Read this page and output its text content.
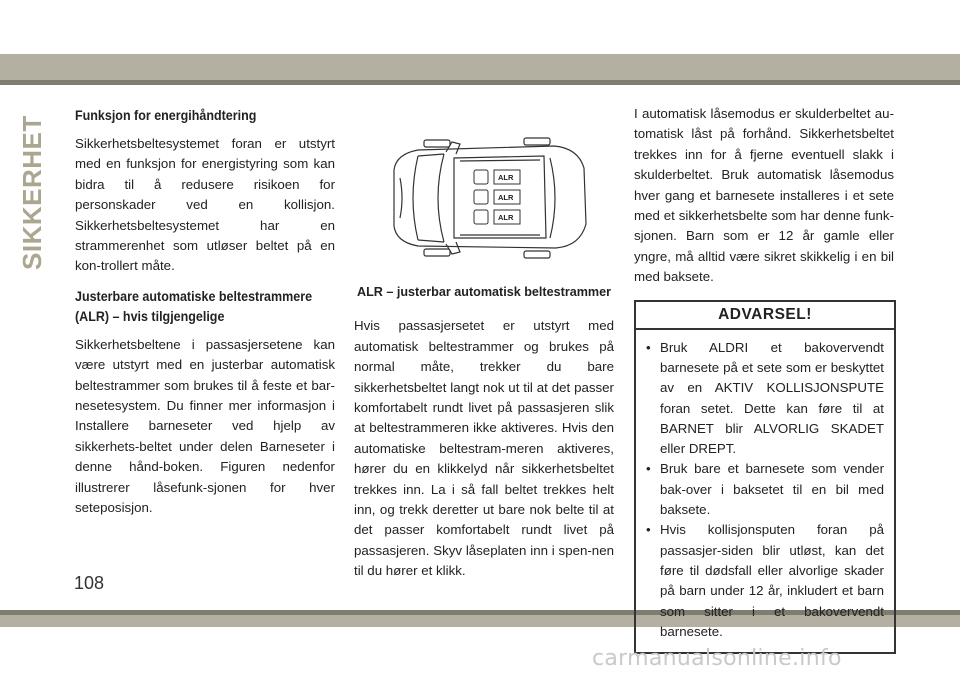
SIKKERHET Funksjon for energihåndtering

Sikkerhetsbeltesystemet foran er utstyrt med en funksjon for energistyring som kan bidra til å redusere risikoen for personskader ved en kollisjon. Sikkerhetsbeltesystemet har en strammerenhet som utløser beltet på en kon-trollert måte.

Justerbare automatiske beltestrammere (ALR) – hvis tilgjengelige

Sikkerhetsbeltene i passasjersetene kan være utstyrt med en justerbar automatisk beltestrammer som brukes til å feste et bar-nesetesystem. Du finner mer informasjon i Installere barneseter ved hjelp av sikkerhets-beltet under delen Barneseter i denne hånd-boken. Figuren nedenfor illustrerer låsefunk-sjonen for hver seteposisjon.

ALR
ALR
ALR
ALR – justerbar automatisk beltestrammer

Hvis passasjersetet er utstyrt med automatisk beltestrammer og brukes på normal måte, trekker du bare sikkerhetsbeltet langt nok ut til at det passer komfortabelt rundt livet på passasjeren slik at beltestrammeren ikke aktiveres. Hvis den automatiske beltestram-meren aktiveres, hører du en klikkelyd når sikkerhetsbeltet trekkes inn. La i så fall beltet trekkes helt inn, og trekk deretter ut bare nok belte til at det passer komfortabelt rundt livet på passasjeren. Skyv låseplaten inn i spen-nen til du hører et klikk.

I automatisk låsemodus er skulderbeltet au-tomatisk låst på forhånd. Sikkerhetsbeltet trekkes inn for å fjerne eventuell slakk i skulderbeltet. Bruk automatisk låsemodus hver gang et barnesete installeres i et sete med et sikkerhetsbelte som har denne funk-sjonen. Barn som er 12 år gamle eller yngre, må alltid være sikret skikkelig i en bil med baksete.

ADVARSEL!
• Bruk ALDRI et bakovervendt barnesete på et sete som er beskyttet av en AKTIV KOLLISJONSPUTE foran setet. Dette kan føre til at BARNET blir ALVORLIG SKADET eller DREPT.
• Bruk bare et barnesete som vender bak-over i baksetet til en bil med baksete.
• Hvis kollisjonsputen foran på passasjer-siden blir utløst, kan det føre til dødsfall eller alvorlige skader på barn under 12 år, inkludert et barn som sitter i et bakovervendt barnesete.
108
carmanualsonline.info
